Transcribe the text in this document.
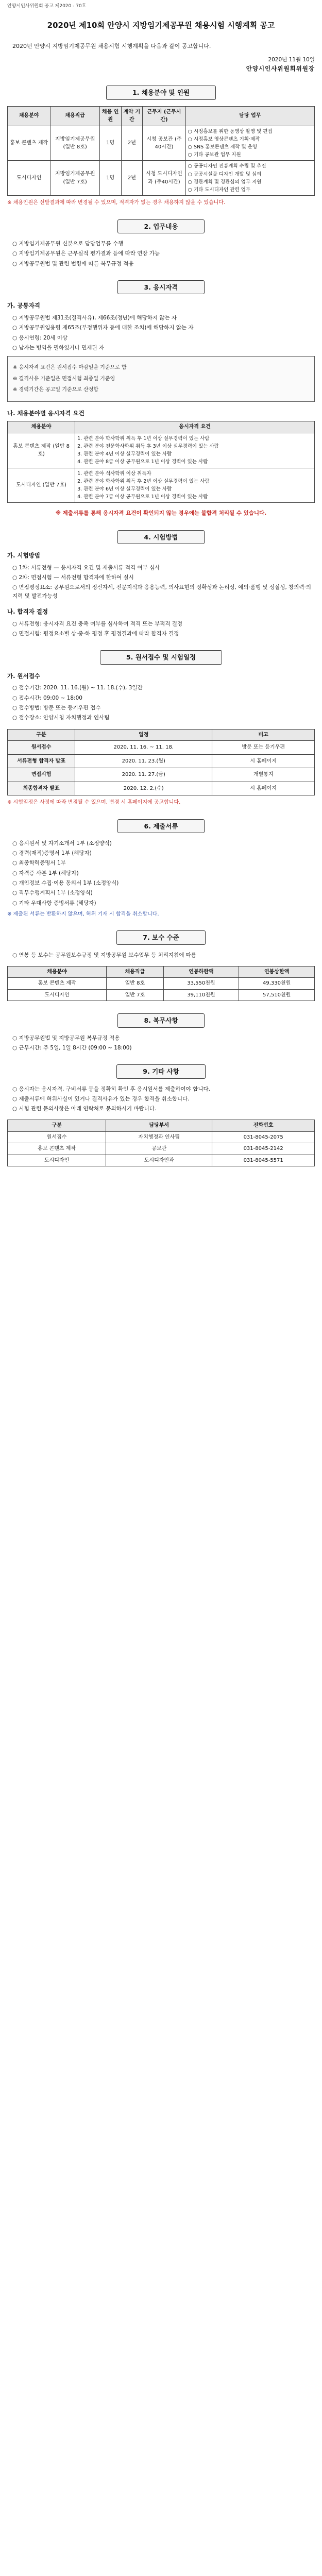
안양시인사위원회 공고 제2020 - 70호
2020년 제10회 안양시 지방임기제공무원 채용시험 시행계획 공고
2020년 안양시 지방임기제공무원 채용시험 시행계획을 다음과 같이 공고합니다.
2020년 11월 10일
안양시인사위원회위원장
1. 채용분야 및 인원
채용분야	채용직급	채용 인원	계약 기간	근무지 (근무시간)	담당 업무
홍보 콘텐츠 제작	지방임기제공무원 (일반 8호)	1명	2년	시청 공보관 (주40시간)	○ 시정홍보를 위한 동영상 촬영 및 편집
○ 시정홍보 영상콘텐츠 기획·제작
○ SNS 홍보콘텐츠 제작 및 운영
○ 기타 공보관 업무 지원

도시디자인	지방임기제공무원 (일반 7호)	1명	2년	시청 도시디자인과 (주40시간)	○ 공공디자인 진흥계획 수립 및 추진
○ 공공시설물 디자인 개발 및 심의
○ 경관계획 및 경관심의 업무 지원
○ 기타 도시디자인 관련 업무
※ 채용인원은 선발결과에 따라 변경될 수 있으며, 적격자가 없는 경우 채용하지 않을 수 있습니다.
2. 업무내용
○ 지방임기제공무원 신분으로 담당업무를 수행
○ 지방임기제공무원은 근무실적 평가결과 등에 따라 연장 가능
○ 지방공무원법 및 관련 법령에 따른 복무규정 적용
3. 응시자격
가. 공통자격
○ 지방공무원법 제31조(결격사유), 제66조(정년)에 해당하지 않는 자
○ 지방공무원임용령 제65조(부정행위자 등에 대한 조치)에 해당하지 않는 자
○ 응시연령: 20세 이상
○ 남자는 병역을 필하였거나 면제된 자
※ 응시자격 요건은 원서접수 마감일을 기준으로 함
※ 결격사유 기준일은 면접시험 최종일 기준임
※ 경력기간은 공고일 기준으로 산정함
나. 채용분야별 응시자격 요건
채용분야	응시자격 요건
홍보 콘텐츠 제작 (일반 8호)	1. 관련 분야 학사학위 취득 후 1년 이상 실무경력이 있는 사람
2. 관련 분야 전문학사학위 취득 후 3년 이상 실무경력이 있는 사람
3. 관련 분야 4년 이상 실무경력이 있는 사람
4. 관련 분야 8급 이상 공무원으로 1년 이상 경력이 있는 사람

도시디자인 (일반 7호)	1. 관련 분야 석사학위 이상 취득자
2. 관련 분야 학사학위 취득 후 2년 이상 실무경력이 있는 사람
3. 관련 분야 6년 이상 실무경력이 있는 사람
4. 관련 분야 7급 이상 공무원으로 1년 이상 경력이 있는 사람
※ 제출서류를 통해 응시자격 요건이 확인되지 않는 경우에는 불합격 처리될 수 있습니다.
4. 시험방법
가. 시험방법
○ 1차: 서류전형 — 응시자격 요건 및 제출서류 적격 여부 심사
○ 2차: 면접시험 — 서류전형 합격자에 한하여 실시
○ 면접평정요소: 공무원으로서의 정신자세, 전문지식과 응용능력, 의사표현의 정확성과 논리성, 예의·품행 및 성실성, 창의력·의지력 및 발전가능성
나. 합격자 결정
○ 서류전형: 응시자격 요건 충족 여부를 심사하여 적격 또는 부적격 결정
○ 면접시험: 평정요소별 상·중·하 평정 후 평정결과에 따라 합격자 결정
5. 원서접수 및 시험일정
가. 원서접수
○ 접수기간: 2020. 11. 16.(월) ~ 11. 18.(수), 3일간
○ 접수시간: 09:00 ~ 18:00
○ 접수방법: 방문 또는 등기우편 접수
○ 접수장소: 안양시청 자치행정과 인사팀
구분	일정	비고
원서접수	2020. 11. 16. ~ 11. 18.	방문 또는 등기우편
서류전형 합격자 발표	2020. 11. 23.(월)	시 홈페이지
면접시험	2020. 11. 27.(금)	개별통지
최종합격자 발표	2020. 12. 2.(수)	시 홈페이지
※ 시험일정은 사정에 따라 변경될 수 있으며, 변경 시 홈페이지에 공고합니다.
6. 제출서류
○ 응시원서 및 자기소개서 1부 (소정양식)
○ 경력(재직)증명서 1부 (해당자)
○ 최종학력증명서 1부
○ 자격증 사본 1부 (해당자)
○ 개인정보 수집·이용 동의서 1부 (소정양식)
○ 직무수행계획서 1부 (소정양식)
○ 기타 우대사항 증빙서류 (해당자)
※ 제출된 서류는 반환하지 않으며, 허위 기재 시 합격을 취소합니다.
7. 보수 수준
○ 연봉 등 보수는 공무원보수규정 및 지방공무원 보수업무 등 처리지침에 따름
채용분야	채용직급	연봉하한액	연봉상한액
홍보 콘텐츠 제작	일반 8호	33,550천원	49,330천원
도시디자인	일반 7호	39,110천원	57,510천원
8. 복무사항
○ 지방공무원법 및 지방공무원 복무규정 적용
○ 근무시간: 주 5일, 1일 8시간 (09:00 ~ 18:00)
9. 기타 사항
○ 응시자는 응시자격, 구비서류 등을 정확히 확인 후 응시원서를 제출하여야 합니다.
○ 제출서류에 허위사실이 있거나 결격사유가 있는 경우 합격을 취소합니다.
○ 시험 관련 문의사항은 아래 연락처로 문의하시기 바랍니다.
구분	담당부서	전화번호
원서접수	자치행정과 인사팀	031-8045-2075
홍보 콘텐츠 제작	공보관	031-8045-2142
도시디자인	도시디자인과	031-8045-5571
